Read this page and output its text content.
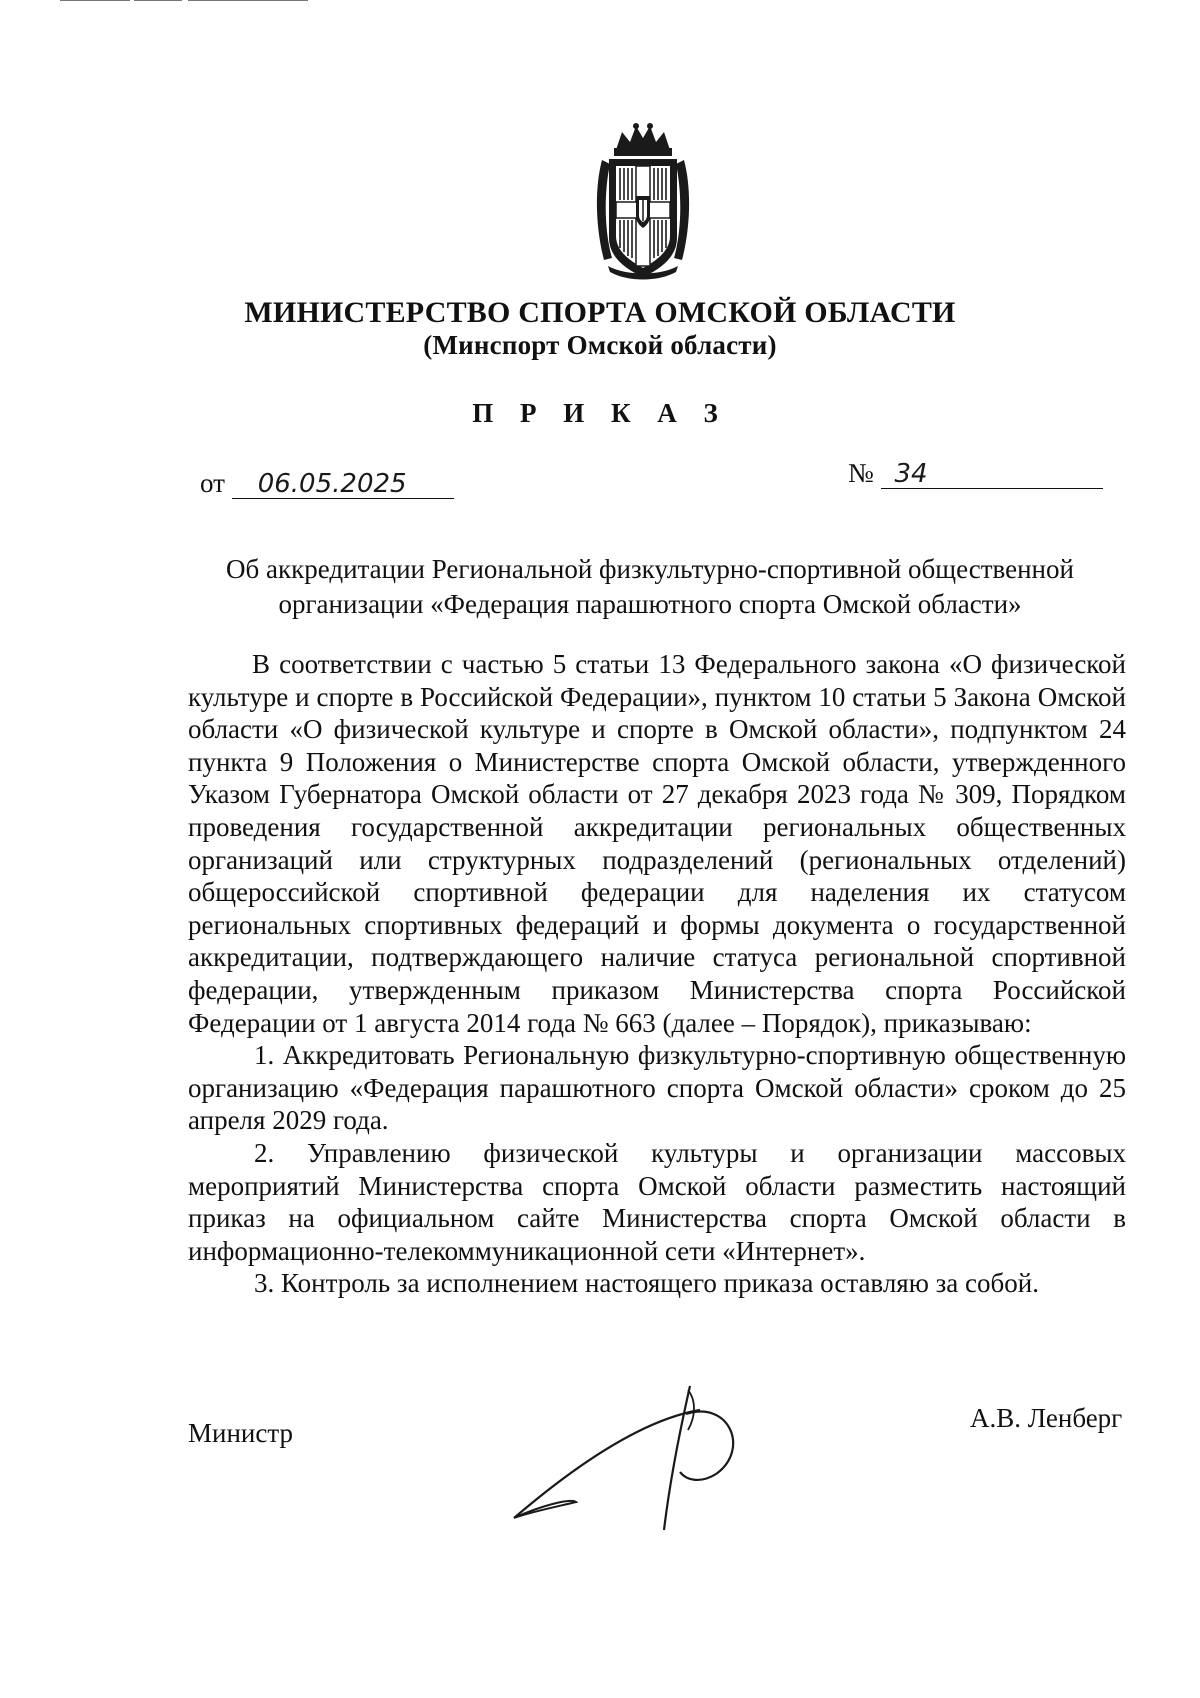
МИНИСТЕРСТВО СПОРТА ОМСКОЙ ОБЛАСТИ
(Минспорт Омской области)
П Р И К А З
от 06.05.2025	№ 34
Об аккредитации Региональной физкультурно-спортивной общественной
организации «Федерация парашютного спорта Омской области»

В соответствии с частью 5 статьи 13 Федерального закона «О физической культуре и спорте в Российской Федерации», пунктом 10 статьи 5 Закона Омской области «О физической культуре и спорте в Омской области», подпунктом 24 пункта 9 Положения о Министерстве спорта Омской области, утвержденного Указом Губернатора Омской области от 27 декабря 2023 года № 309, Порядком проведения государственной аккредитации региональных общественных организаций или структурных подразделений (региональных отделений) общероссийской спортивной федерации для наделения их статусом региональных спортивных федераций и формы документа о государственной аккредитации, подтверждающего наличие статуса региональной спортивной федерации, утвержденным приказом Министерства спорта Российской Федерации от 1 августа 2014 года № 663 (далее – Порядок), приказываю:

1. Аккредитовать Региональную физкультурно-спортивную общественную организацию «Федерация парашютного спорта Омской области» сроком до 25 апреля 2029 года.

2. Управлению физической культуры и организации массовых мероприятий Министерства спорта Омской области разместить настоящий приказ на официальном сайте Министерства спорта Омской области в информационно-телекоммуникационной сети «Интернет».

3. Контроль за исполнением настоящего приказа оставляю за собой.

Министр	А.В. Ленберг
